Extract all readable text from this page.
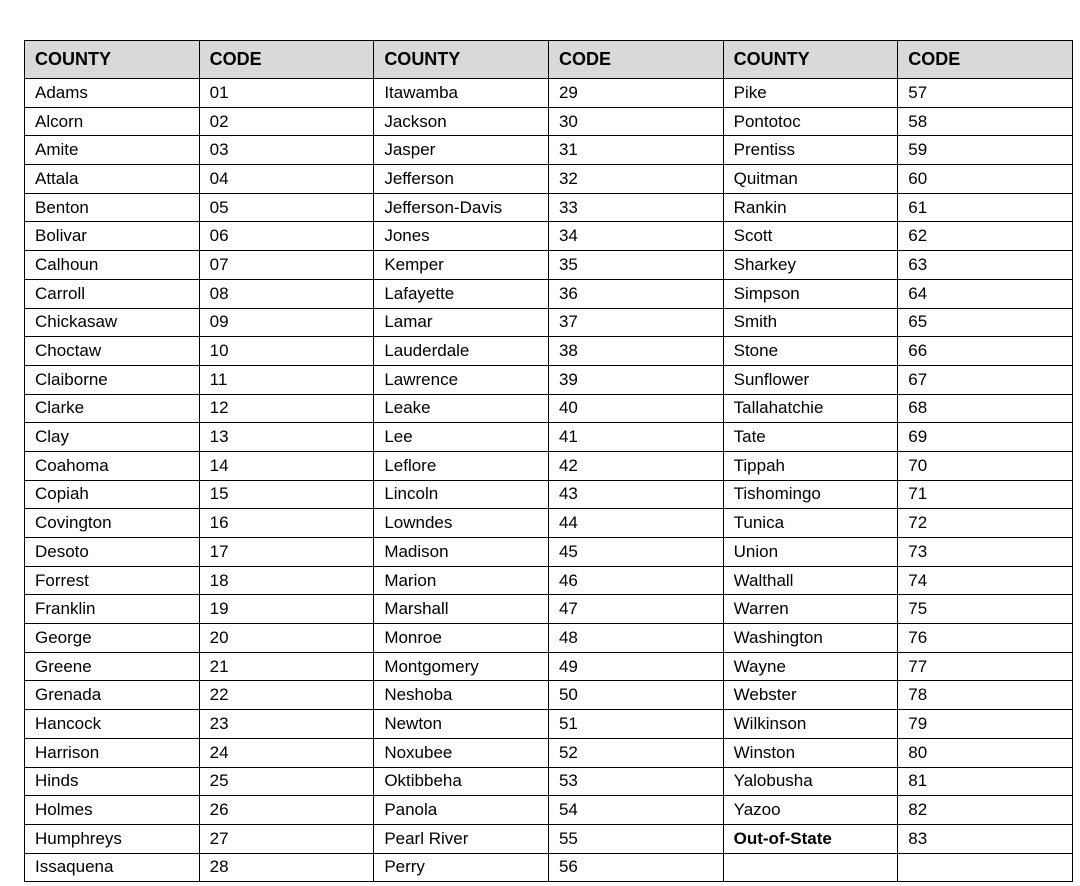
COUNTY	CODE	COUNTY	CODE	COUNTY	CODE
Adams	01	Itawamba	29	Pike	57
Alcorn	02	Jackson	30	Pontotoc	58
Amite	03	Jasper	31	Prentiss	59
Attala	04	Jefferson	32	Quitman	60
Benton	05	Jefferson-Davis	33	Rankin	61
Bolivar	06	Jones	34	Scott	62
Calhoun	07	Kemper	35	Sharkey	63
Carroll	08	Lafayette	36	Simpson	64
Chickasaw	09	Lamar	37	Smith	65
Choctaw	10	Lauderdale	38	Stone	66
Claiborne	11	Lawrence	39	Sunflower	67
Clarke	12	Leake	40	Tallahatchie	68
Clay	13	Lee	41	Tate	69
Coahoma	14	Leflore	42	Tippah	70
Copiah	15	Lincoln	43	Tishomingo	71
Covington	16	Lowndes	44	Tunica	72
Desoto	17	Madison	45	Union	73
Forrest	18	Marion	46	Walthall	74
Franklin	19	Marshall	47	Warren	75
George	20	Monroe	48	Washington	76
Greene	21	Montgomery	49	Wayne	77
Grenada	22	Neshoba	50	Webster	78
Hancock	23	Newton	51	Wilkinson	79
Harrison	24	Noxubee	52	Winston	80
Hinds	25	Oktibbeha	53	Yalobusha	81
Holmes	26	Panola	54	Yazoo	82
Humphreys	27	Pearl River	55	Out-of-State	83
Issaquena	28	Perry	56		
